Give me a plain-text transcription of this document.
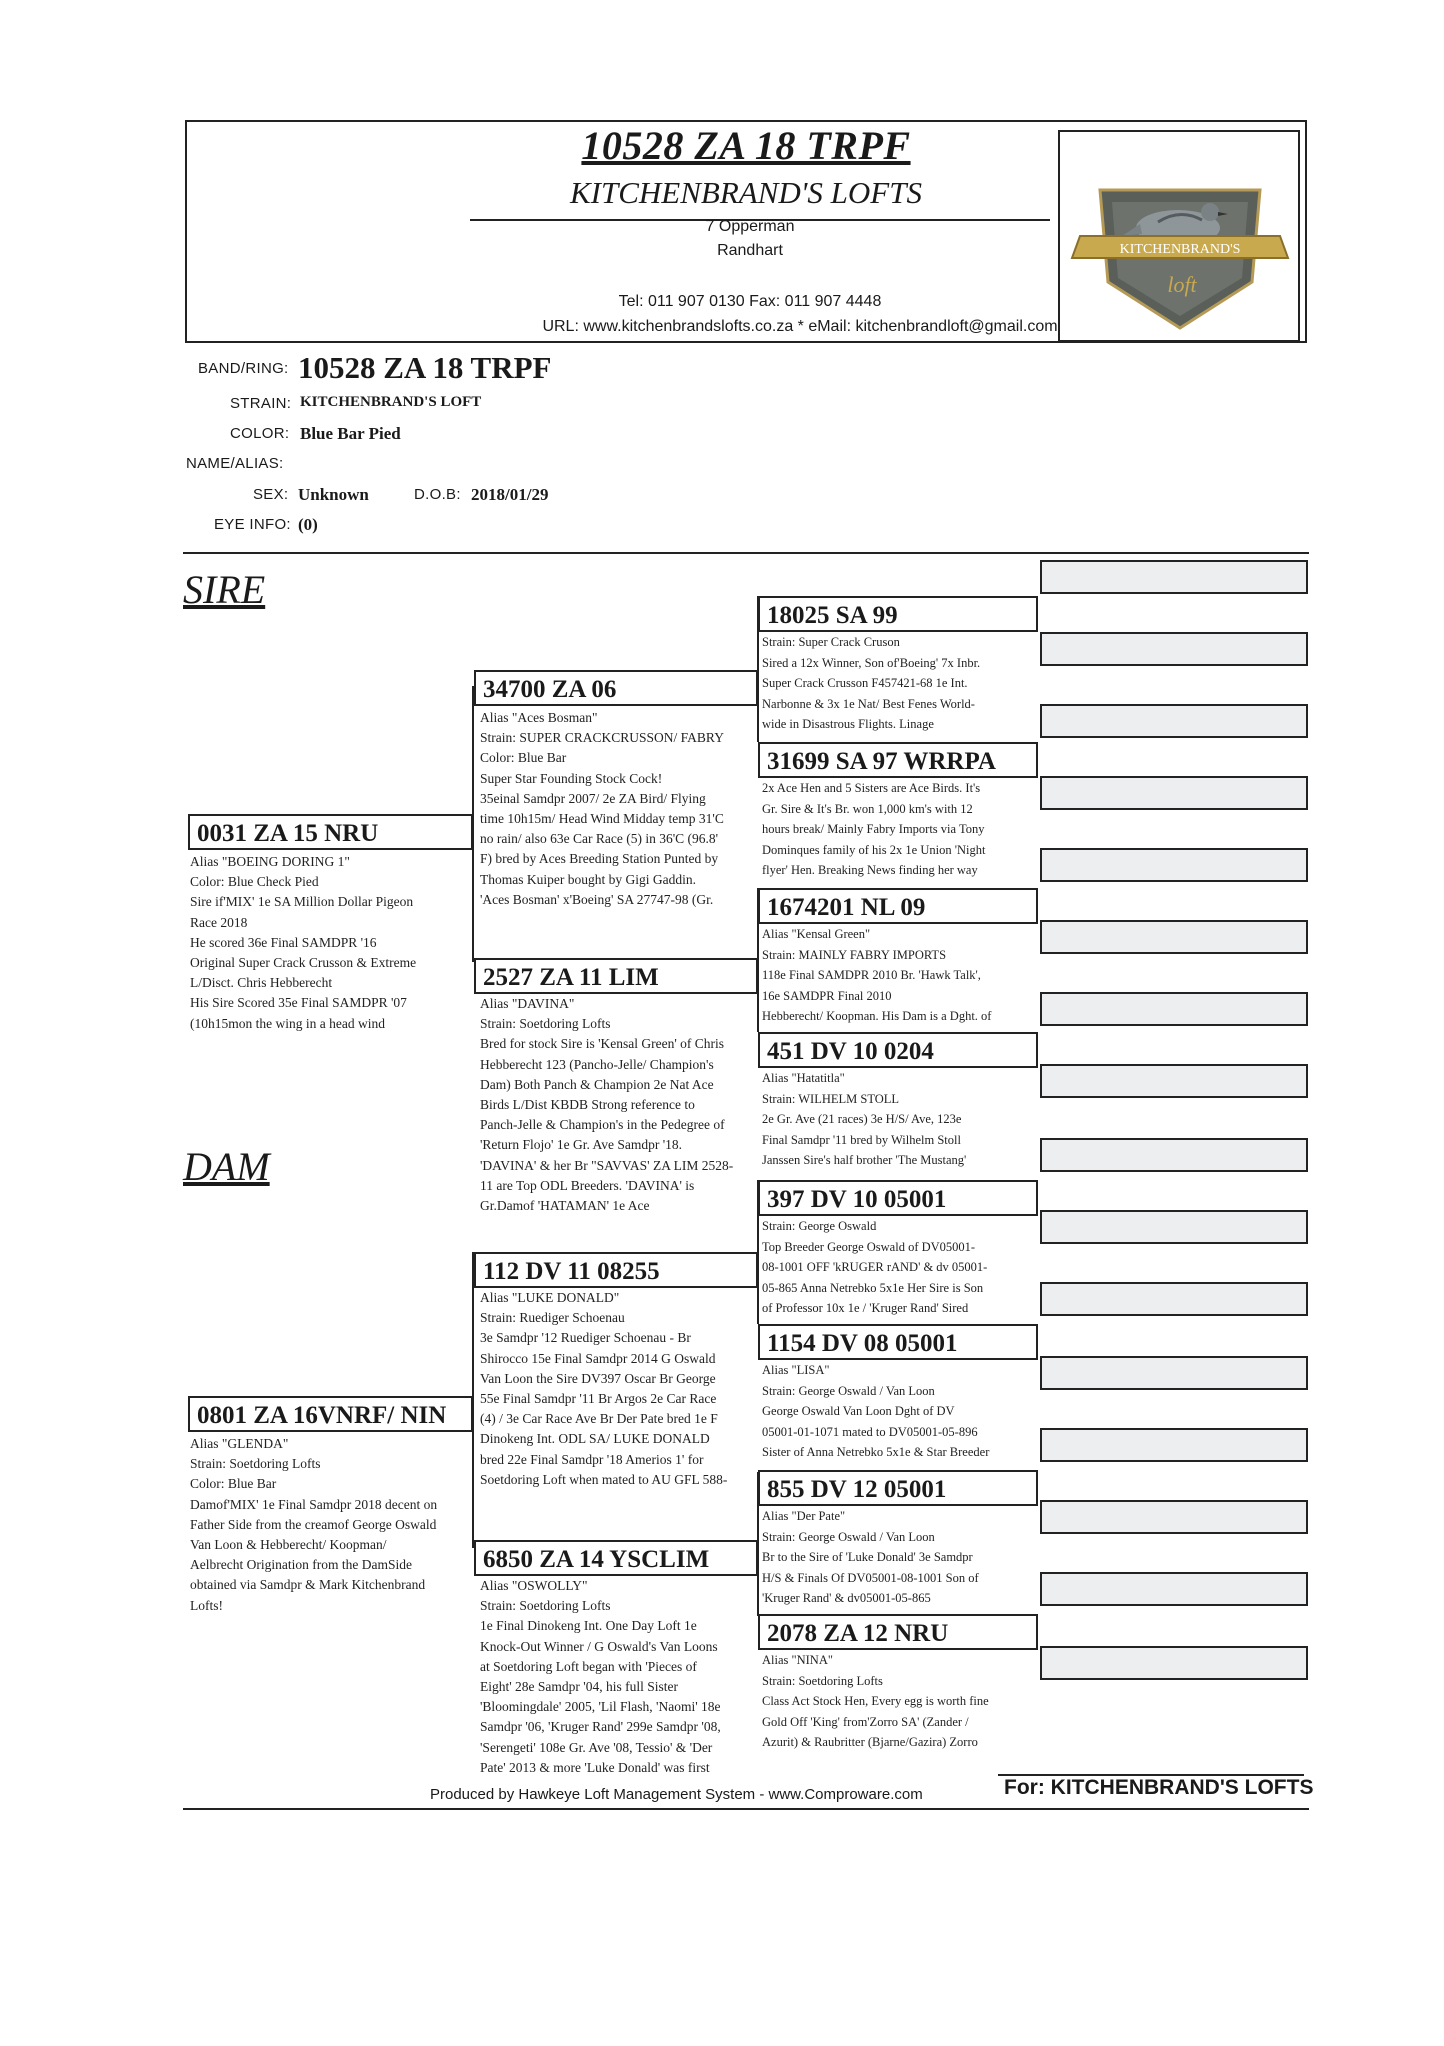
10528 ZA 18 TRPF
KITCHENBRAND'S LOFTS
7 Opperman
Randhart
Tel: 011 907 0130 Fax: 011 907 4448
URL: www.kitchenbrandslofts.co.za * eMail: kitchenbrandloft@gmail.com
KITCHENBRAND'S
loft
BAND/RING: 10528 ZA 18 TRPF
STRAIN: KITCHENBRAND'S LOFT
COLOR: Blue Bar Pied
NAME/ALIAS:
SEX: Unknown	D.O.B: 2018/01/29
EYE INFO: (0)
SIRE
DAM
0031 ZA 15 NRU
Alias "BOEING DORING 1"
Color: Blue Check Pied
Sire if'MIX' 1e SA Million Dollar Pigeon
Race 2018
He scored 36e Final SAMDPR '16
Original Super Crack Crusson & Extreme
L/Disct. Chris Hebberecht
His Sire Scored 35e Final SAMDPR '07
(10h15mon the wing in a head wind
0801 ZA 16VNRF/ NIN
Alias "GLENDA"
Strain: Soetdoring Lofts
Color: Blue Bar
Damof'MIX' 1e Final Samdpr 2018 decent on
Father Side from the creamof George Oswald
Van Loon & Hebberecht/ Koopman/
Aelbrecht Origination from the DamSide
obtained via Samdpr & Mark Kitchenbrand
Lofts!
34700 ZA 06
Alias "Aces Bosman"
Strain: SUPER CRACKCRUSSON/ FABRY
Color: Blue Bar
Super Star Founding Stock Cock!
35einal Samdpr 2007/ 2e ZA Bird/ Flying
time 10h15m/ Head Wind Midday temp 31'C
no rain/ also 63e Car Race (5) in 36'C (96.8'
F) bred by Aces Breeding Station Punted by
Thomas Kuiper bought by Gigi Gaddin.
'Aces Bosman' x'Boeing' SA 27747-98 (Gr.
2527 ZA 11 LIM
Alias "DAVINA"
Strain: Soetdoring Lofts
Bred for stock Sire is 'Kensal Green' of Chris
Hebberecht 123 (Pancho-Jelle/ Champion's
Dam) Both Panch & Champion 2e Nat Ace
Birds L/Dist KBDB Strong reference to
Panch-Jelle & Champion's in the Pedegree of
'Return Flojo' 1e Gr. Ave Samdpr '18.
'DAVINA' & her Br "SAVVAS' ZA LIM 2528-
11 are Top ODL Breeders. 'DAVINA' is
Gr.Damof 'HATAMAN' 1e Ace
112 DV 11 08255
Alias "LUKE DONALD"
Strain: Ruediger Schoenau
3e Samdpr '12 Ruediger Schoenau - Br
Shirocco 15e Final Samdpr 2014 G Oswald
Van Loon the Sire DV397 Oscar Br George
55e Final Samdpr '11 Br Argos 2e Car Race
(4) / 3e Car Race Ave Br Der Pate bred 1e F
Dinokeng Int. ODL SA/ LUKE DONALD
bred 22e Final Samdpr '18 Amerios 1' for
Soetdoring Loft when mated to AU GFL 588-
6850 ZA 14 YSCLIM
Alias "OSWOLLY"
Strain: Soetdoring Lofts
1e Final Dinokeng Int. One Day Loft 1e
Knock-Out Winner / G Oswald's Van Loons
at Soetdoring Loft began with 'Pieces of
Eight' 28e Samdpr '04, his full Sister
'Bloomingdale' 2005, 'Lil Flash, 'Naomi' 18e
Samdpr '06, 'Kruger Rand' 299e Samdpr '08,
'Serengeti' 108e Gr. Ave '08, Tessio' & 'Der
Pate' 2013 & more 'Luke Donald' was first
18025 SA 99
Strain: Super Crack Cruson
Sired a 12x Winner, Son of'Boeing' 7x Inbr.
Super Crack Crusson F457421-68 1e Int.
Narbonne & 3x 1e Nat/ Best Fenes World-
wide in Disastrous Flights. Linage
31699 SA 97 WRRPA
2x Ace Hen and 5 Sisters are Ace Birds. It's
Gr. Sire & It's Br. won 1,000 km's with 12
hours break/ Mainly Fabry Imports via Tony
Dominques family of his 2x 1e Union 'Night
flyer' Hen. Breaking News finding her way
1674201 NL 09
Alias "Kensal Green"
Strain: MAINLY FABRY IMPORTS
118e Final SAMDPR 2010 Br. 'Hawk Talk',
16e SAMDPR Final 2010
Hebberecht/ Koopman. His Dam is a Dght. of
451 DV 10 0204
Alias "Hatatitla"
Strain: WILHELM STOLL
2e Gr. Ave (21 races) 3e H/S/ Ave, 123e
Final Samdpr '11 bred by Wilhelm Stoll
Janssen Sire's half brother 'The Mustang'
397 DV 10 05001
Strain: George Oswald
Top Breeder George Oswald of DV05001-
08-1001 OFF 'kRUGER rAND' & dv 05001-
05-865 Anna Netrebko 5x1e Her Sire is Son
of Professor 10x 1e / 'Kruger Rand' Sired
1154 DV 08 05001
Alias "LISA"
Strain: George Oswald / Van Loon
George Oswald Van Loon Dght of DV
05001-01-1071 mated to DV05001-05-896
Sister of Anna Netrebko 5x1e & Star Breeder
855 DV 12 05001
Alias "Der Pate"
Strain: George Oswald / Van Loon
Br to the Sire of 'Luke Donald' 3e Samdpr
H/S & Finals Of DV05001-08-1001 Son of
'Kruger Rand' & dv05001-05-865
2078 ZA 12 NRU
Alias "NINA"
Strain: Soetdoring Lofts
Class Act Stock Hen, Every egg is worth fine
Gold Off 'King' from'Zorro SA' (Zander /
Azurit) & Raubritter (Bjarne/Gazira) Zorro
Produced by Hawkeye Loft Management System - www.Comproware.com	For: KITCHENBRAND'S LOFTS
